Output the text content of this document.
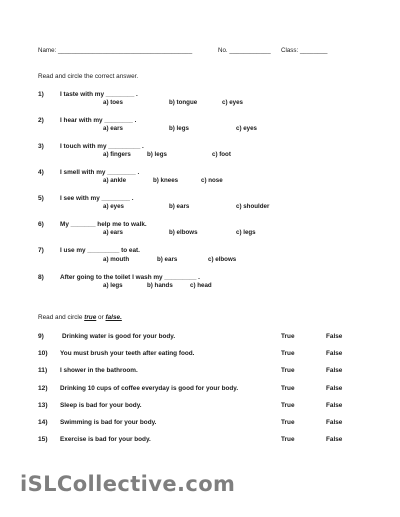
Name: _______________________________________	No. ____________ Class: ________
Read and circle the correct answer.
1)	I taste with my ________ .
a) toes	b) tongue	c) eyes
2)	I hear with my ________ .
a) ears	b) legs	c) eyes
3)	I touch with my _________ .
a) fingers	b) legs	c) foot
4)	I smell with my ________ .
a) ankle	b) knees	c) nose
5)	I see with my ________ .
a) eyes	b) ears	c) shoulder
6)	My _______ help me to walk.
a) ears	b) elbows	c) legs
7)	I use my _________ to eat.
a) mouth	b) ears	c) elbows
8)	After going to the toilet I wash my _________ .
a) legs	b) hands	c) head
Read and circle true or false.
9)	Drinking water is good for your body.	True	False
10) You must brush your teeth after eating food.	True	False
11) I shower in the bathroom.	True	False
12) Drinking 10 cups of coffee everyday is good for your body.	True	False
13) Sleep is bad for your body.	True	False
14) Swimming is bad for your body.	True	False
15) Exercise is bad for your body.	True	False
iSLCollective.com
